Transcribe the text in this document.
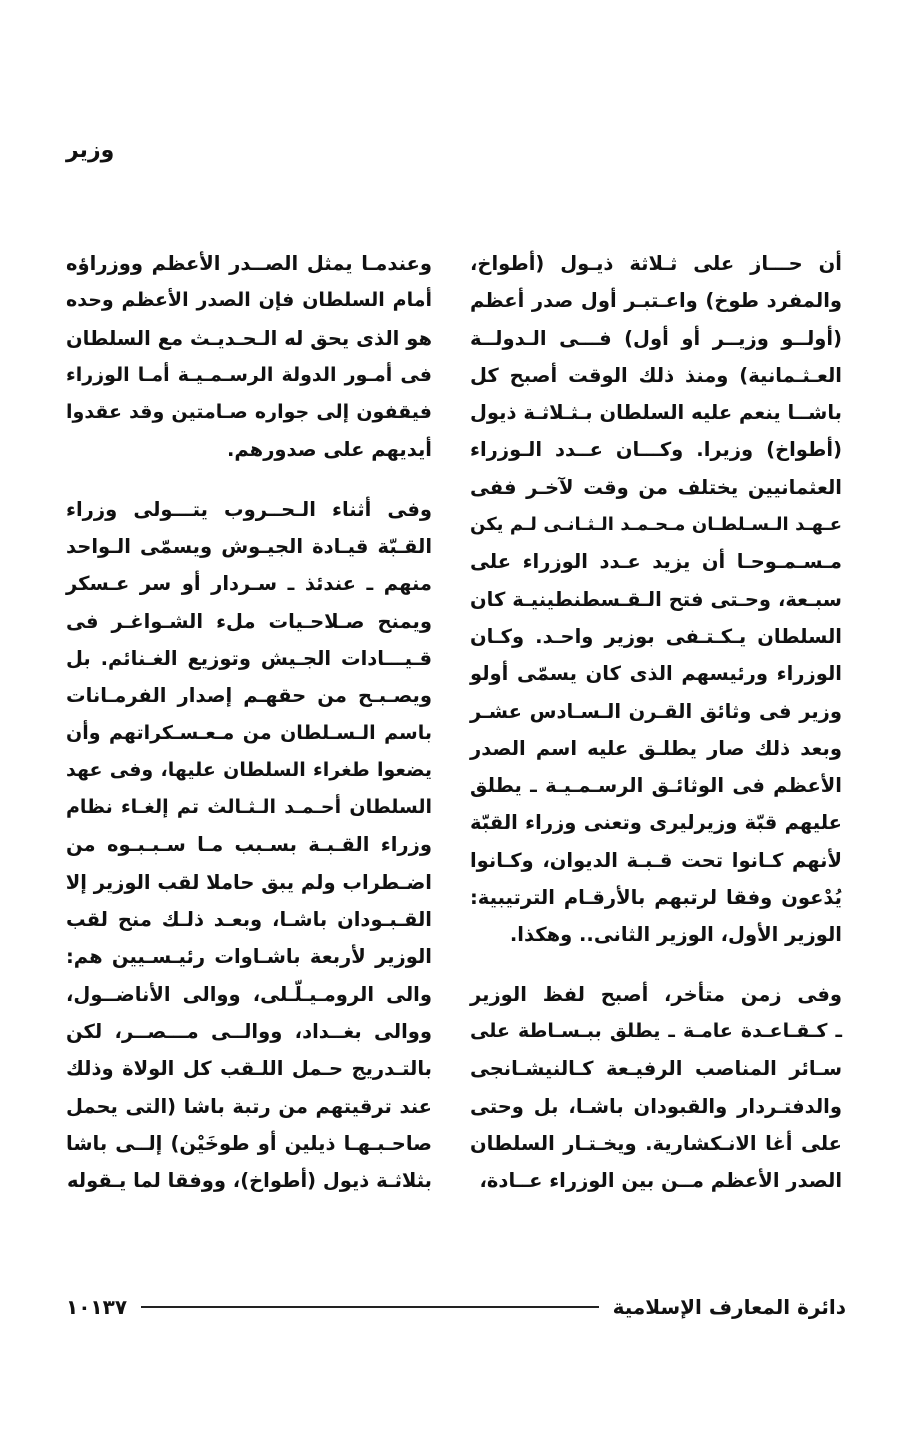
وزير
أن حـــاز على ثـلاثة ذيـول (أطواخ،
والمفرد طوخ) واعـتبـر أول صدر أعظم
(أولــو وزيــر أو أول) فـــى الـدولــة
العـثـمانية) ومنذ ذلك الوقت أصبح كل
باشــا ينعم عليه السلطان بـثـلاثـة ذيول
(أطواخ) وزيرا. وكـــان عــدد الـوزراء
العثمانيين يختلف من وقت لآخـر ففى
عـهـد الـسـلطـان مـحـمـد الـثـانـى لـم يكن
مـسـمـوحـا أن يزيد عـدد الوزراء على
سبـعة، وحـتى فتح الـقـسطنطينيـة كان
السلطان يـكـتـفى بوزير واحـد. وكـان
الوزراء ورئيسهم الذى كان يسمّى أولو
وزير فى وثائق القـرن الـسـادس عشـر
وبعد ذلك صار يطلـق عليه اسم الصدر
الأعظم فى الوثائـق الرسـمـيـة ـ يطلق
عليهم قبّة وزيرليرى وتعنى وزراء القبّة
لأنهم كـانوا تحت قـبـة الديوان، وكـانوا
يُدْعون وفقا لرتبهم بالأرقـام الترتيبية:
الوزير الأول، الوزير الثانى.. وهكذا.
وفى زمن متأخر، أصبح لفظ الوزير
ـ كـقـاعـدة عامـة ـ يطلق ببـسـاطة على
سـائر المناصب الرفيـعة كـالنيشـانجى
والدفتـردار والقبودان باشـا، بل وحتى
على أغا الانـكشارية. ويخـتـار السلطان
الصدر الأعظم مــن بين الوزراء عــادة،
وعندمـا يمثل الصــدر الأعظم ووزراؤه
أمام السلطان فإن الصدر الأعظم وحده
هو الذى يحق له الـحـديـث مع السلطان
فى أمـور الدولة الرسـمـيـة أمـا الوزراء
فيقفون إلى جواره صـامتين وقد عقدوا
أيديهم على صدورهم.
وفى أثناء الـحــروب يتـــولى وزراء
القـبّة قيـادة الجيـوش ويسمّى الـواحد
منهم ـ عندئذ ـ سـردار أو سر عـسكر
ويمنح صـلاحـيات ملء الشـواغـر فى
قـيـــادات الجـيش وتوزيع الغـنائم. بل
ويصـبـح من حقهـم إصدار الفرمـانات
باسم الـسـلطان من مـعـسـكراتهم وأن
يضعوا طغراء السلطان عليها، وفى عهد
السلطان أحـمـد الـثـالث تم إلغـاء نظام
وزراء القـبـة بسـبب مـا سـبـبـوه من
اضـطراب ولم يبق حاملا لقب الوزير إلا
القـبـودان باشـا، وبعـد ذلـك منح لقب
الوزير لأربعة باشـاوات رئيـسـيين هم:
والى الرومـيـلّـلى، ووالى الأناضــول،
ووالى بغــداد، ووالــى مـــصــر، لكن
بالتـدريج حـمل اللـقب كل الولاة وذلك
عند ترقيتهم من رتبة باشا (التى يحمل
صاحـبـهـا ذيلين أو طوخَيْن) إلــى باشا
بثلاثـة ذيول (أطواخ)، ووفقا لما يـقوله
دائرة المعارف الإسلامية
١٠١٣٧
